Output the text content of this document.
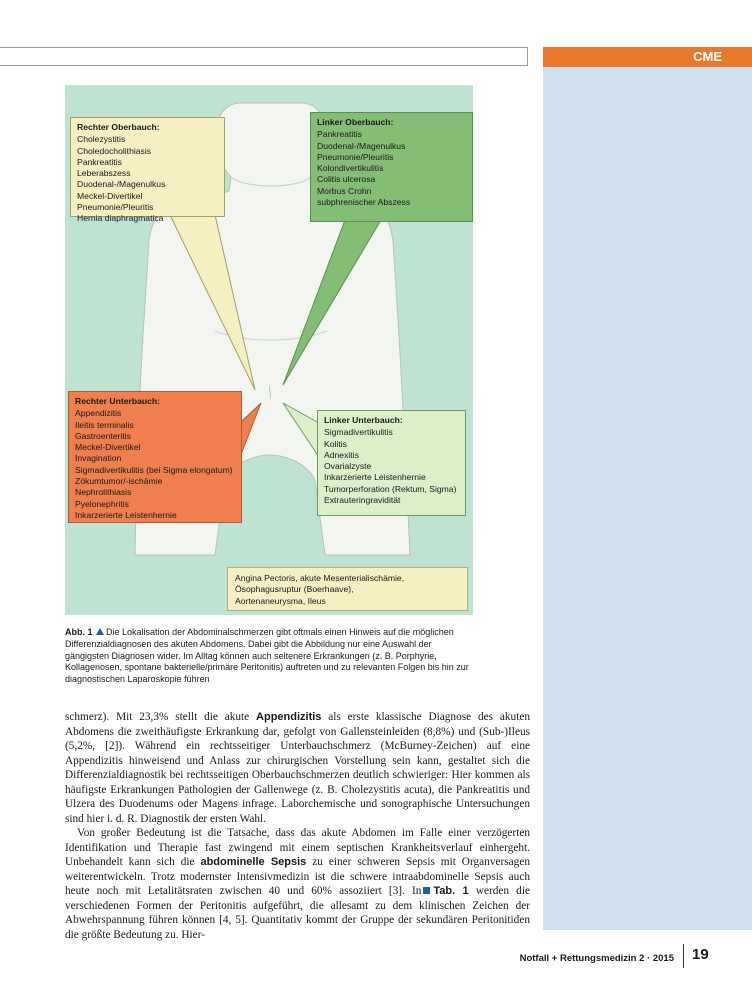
CME
Rechter Oberbauch:
Cholezystitis
Choledocholithiasis
Pankreatitis
Leberabszess
Duodenal-/Magenulkus
Meckel-Divertikel
Pneumonie/Pleuritis
Hernia diaphragmatica
Linker Oberbauch:
Pankreatitis
Duodenal-/Magenulkus
Pneumonie/Pleuritis
Kolondivertikulitis
Colitis ulcerosa
Morbus Crohn
subphrenischer Abszess
Rechter Unterbauch:
Appendizitis
Ileitis terminalis
Gastroenteritis
Meckel-Divertikel
Invagination
Sigmadivertikulitis (bei Sigma elongatum)
Zökumtumor/-ischämie
Nephrolithiasis
Pyelonephritis
Inkarzerierte Leistenhernie
Linker Unterbauch:
Sigmadivertikulitis
Kolitis
Adnexitis
Ovarialzyste
Inkarzerierte Leistenhernie
Tumorperforation (Rektum, Sigma)
Extrauteringravidität
Angina Pectoris, akute Mesenterialischämie,
Ösophagusruptur (Boerhaave),
Aortenaneurysma, Ileus
Abb. 1 Die Lokalisation der Abdominalschmerzen gibt oftmals einen Hinweis auf die möglichen Differenzialdiagnosen des akuten Abdomens. Dabei gibt die Abbildung nur eine Auswahl der gängigsten Diagnosen wider. Im Alltag können auch seltenere Erkrankungen (z. B. Porphyrie, Kollagenosen, spontane bakterielle/primäre Peritonitis) auftreten und zu relevanten Folgen bis hin zur diagnostischen Laparoskopie führen

schmerz). Mit 23,3% stellt die akute Appendizitis als erste klassische Diagnose des akuten Abdomens die zweithäufigste Erkrankung dar, gefolgt von Gallensteinleiden (8,8%) und (Sub-)Ileus (5,2%, [2]). Während ein rechtsseitiger Unterbauchschmerz (McBurney-Zeichen) auf eine Appendizitis hinweisend und Anlass zur chirurgischen Vorstellung sein kann, gestaltet sich die Differenzialdiagnostik bei rechtsseitigen Oberbauchschmerzen deutlich schwieriger: Hier kommen als häufigste Erkrankungen Pathologien der Gallenwege (z. B. Cholezystitis acuta), die Pankreatitis und Ulzera des Duodenums oder Magens infrage. Laborchemische und sonographische Untersuchungen sind hier i. d. R. Diagnostik der ersten Wahl.

Von großer Bedeutung ist die Tatsache, dass das akute Abdomen im Falle einer verzögerten Identifikation und Therapie fast zwingend mit einem septischen Krankheitsverlauf einhergeht. Unbehandelt kann sich die abdominelle Sepsis zu einer schweren Sepsis mit Organversagen weiterentwickeln. Trotz modernster Intensivmedizin ist die schwere intraabdominelle Sepsis auch heute noch mit Letalitätsraten zwischen 40 und 60% assoziiert [3]. In Tab. 1 werden die verschiedenen Formen der Peritonitis aufgeführt, die allesamt zu dem klinischen Zeichen der Abwehrspannung führen können [4, 5]. Quantitativ kommt der Gruppe der sekundären Peritonitiden die größte Bedeutung zu. Hier-

Notfall + Rettungsmedizin 2 · 2015 19
